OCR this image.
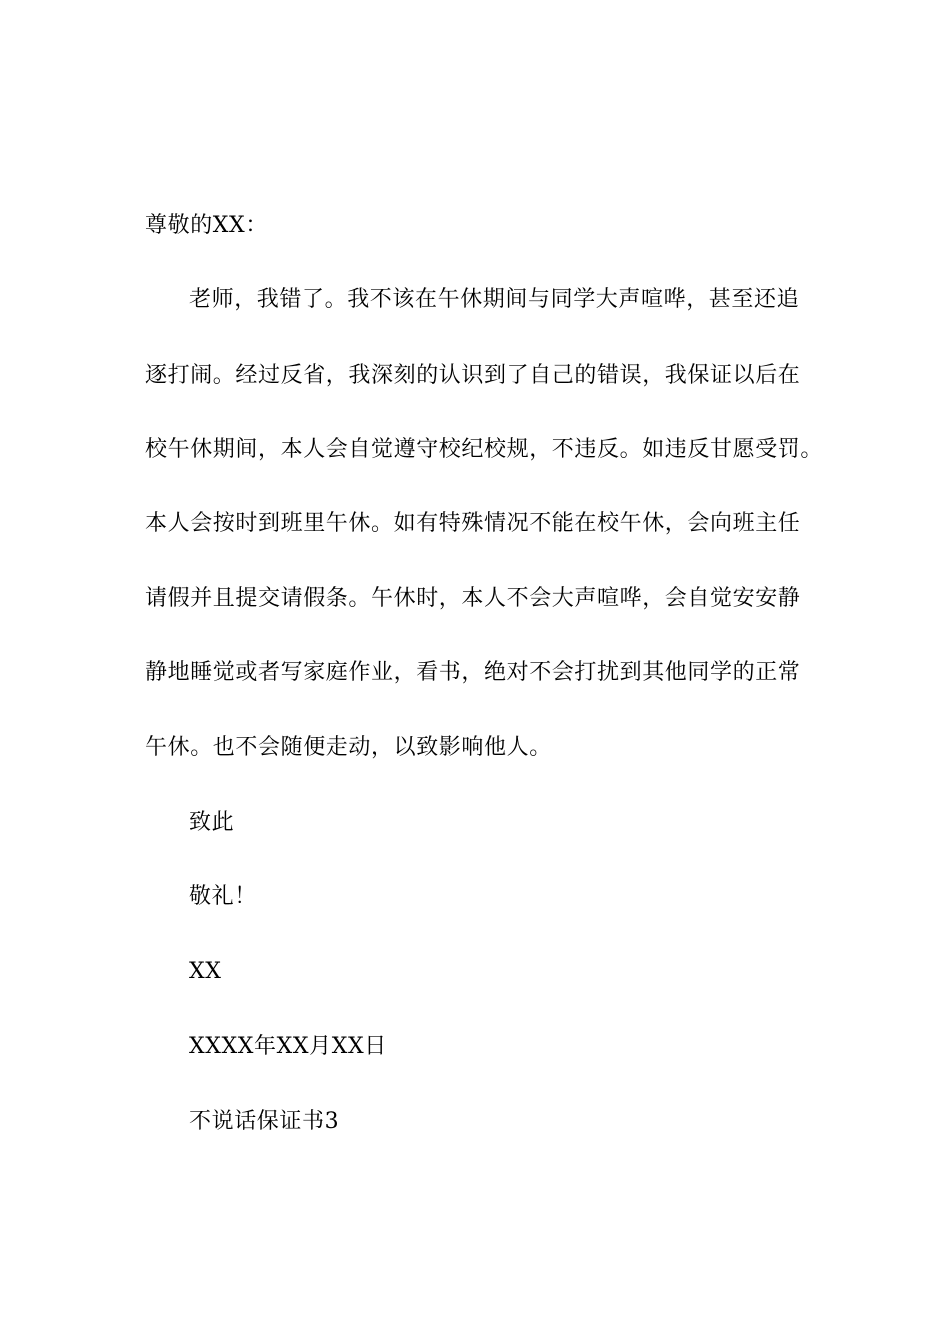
尊敬的XX：
老师，我错了。我不该在午休期间与同学大声喧哗，甚至还追
逐打闹。经过反省，我深刻的认识到了自己的错误，我保证以后在
校午休期间，本人会自觉遵守校纪校规，不违反。如违反甘愿受罚。
本人会按时到班里午休。如有特殊情况不能在校午休，会向班主任
请假并且提交请假条。午休时，本人不会大声喧哗，会自觉安安静
静地睡觉或者写家庭作业，看书，绝对不会打扰到其他同学的正常
午休。也不会随便走动，以致影响他人。
致此
敬礼！
XX
XXXX年XX月XX日
不说话保证书3
